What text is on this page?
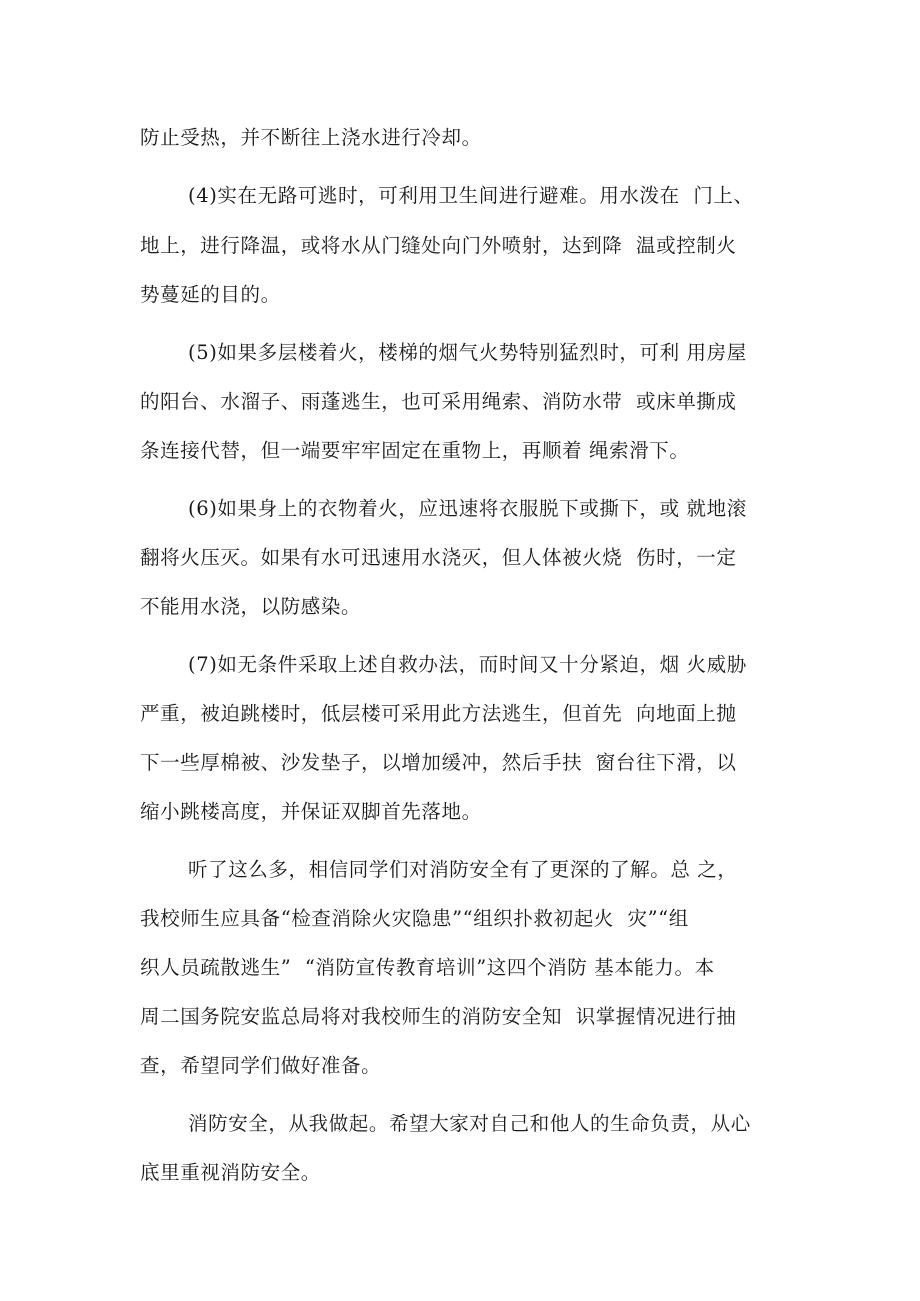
防止受热，并不断往上浇水进行冷却。
(4)实在无路可逃时，可利用卫生间进行避难。用水泼在  门上、
地上，进行降温，或将水从门缝处向门外喷射，达到降  温或控制火
势蔓延的目的。
(5)如果多层楼着火，楼梯的烟气火势特别猛烈时，可利 用房屋
的阳台、水溜子、雨蓬逃生，也可采用绳索、消防水带  或床单撕成
条连接代替，但一端要牢牢固定在重物上，再顺着 绳索滑下。
(6)如果身上的衣物着火，应迅速将衣服脱下或撕下，或 就地滚
翻将火压灭。如果有水可迅速用水浇灭，但人体被火烧  伤时，一定
不能用水浇，以防感染。
(7)如无条件采取上述自救办法，而时间又十分紧迫，烟 火威胁
严重，被迫跳楼时，低层楼可采用此方法逃生，但首先  向地面上抛
下一些厚棉被、沙发垫子，以增加缓冲，然后手扶  窗台往下滑，以
缩小跳楼高度，并保证双脚首先落地。
听了这么多，相信同学们对消防安全有了更深的了解。总 之，
我校师生应具备“检查消除火灾隐患”“组织扑救初起火  灾”“组
织人员疏散逃生”  “消防宣传教育培训”这四个消防 基本能力。本
周二国务院安监总局将对我校师生的消防安全知  识掌握情况进行抽
查，希望同学们做好准备。
消防安全，从我做起。希望大家对自己和他人的生命负责，从心
底里重视消防安全。
